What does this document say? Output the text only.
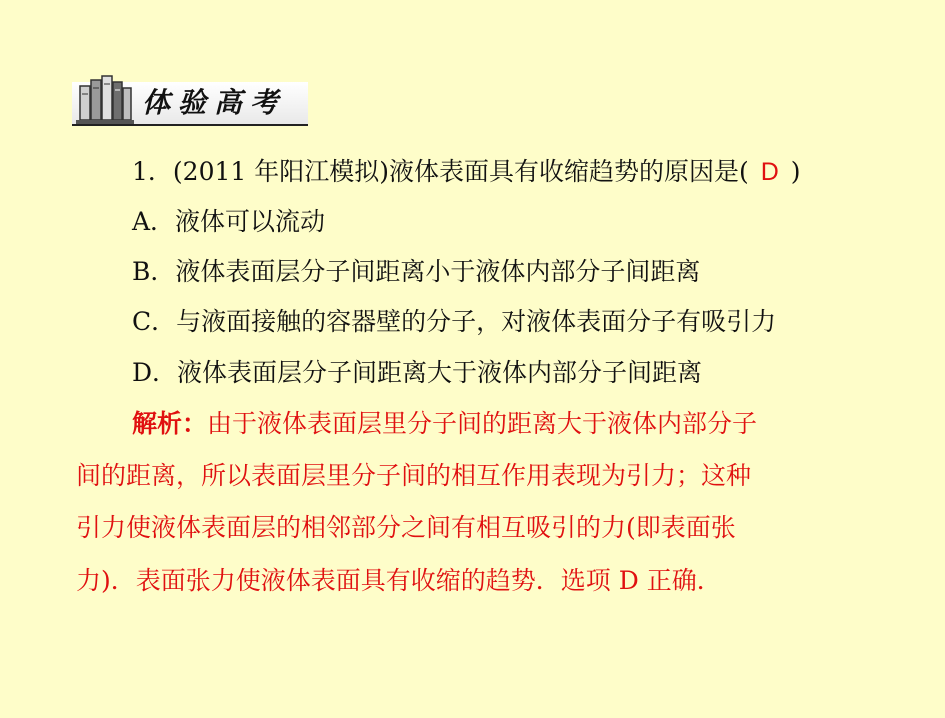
体验高考
1．(2011 年阳江模拟)液体表面具有收缩趋势的原因是( D )
A．液体可以流动
B．液体表面层分子间距离小于液体内部分子间距离
C．与液面接触的容器壁的分子，对液体表面分子有吸引力
D．液体表面层分子间距离大于液体内部分子间距离
解析：由于液体表面层里分子间的距离大于液体内部分子
间的距离，所以表面层里分子间的相互作用表现为引力；这种
引力使液体表面层的相邻部分之间有相互吸引的力(即表面张
力)．表面张力使液体表面具有收缩的趋势．选项 D 正确．
